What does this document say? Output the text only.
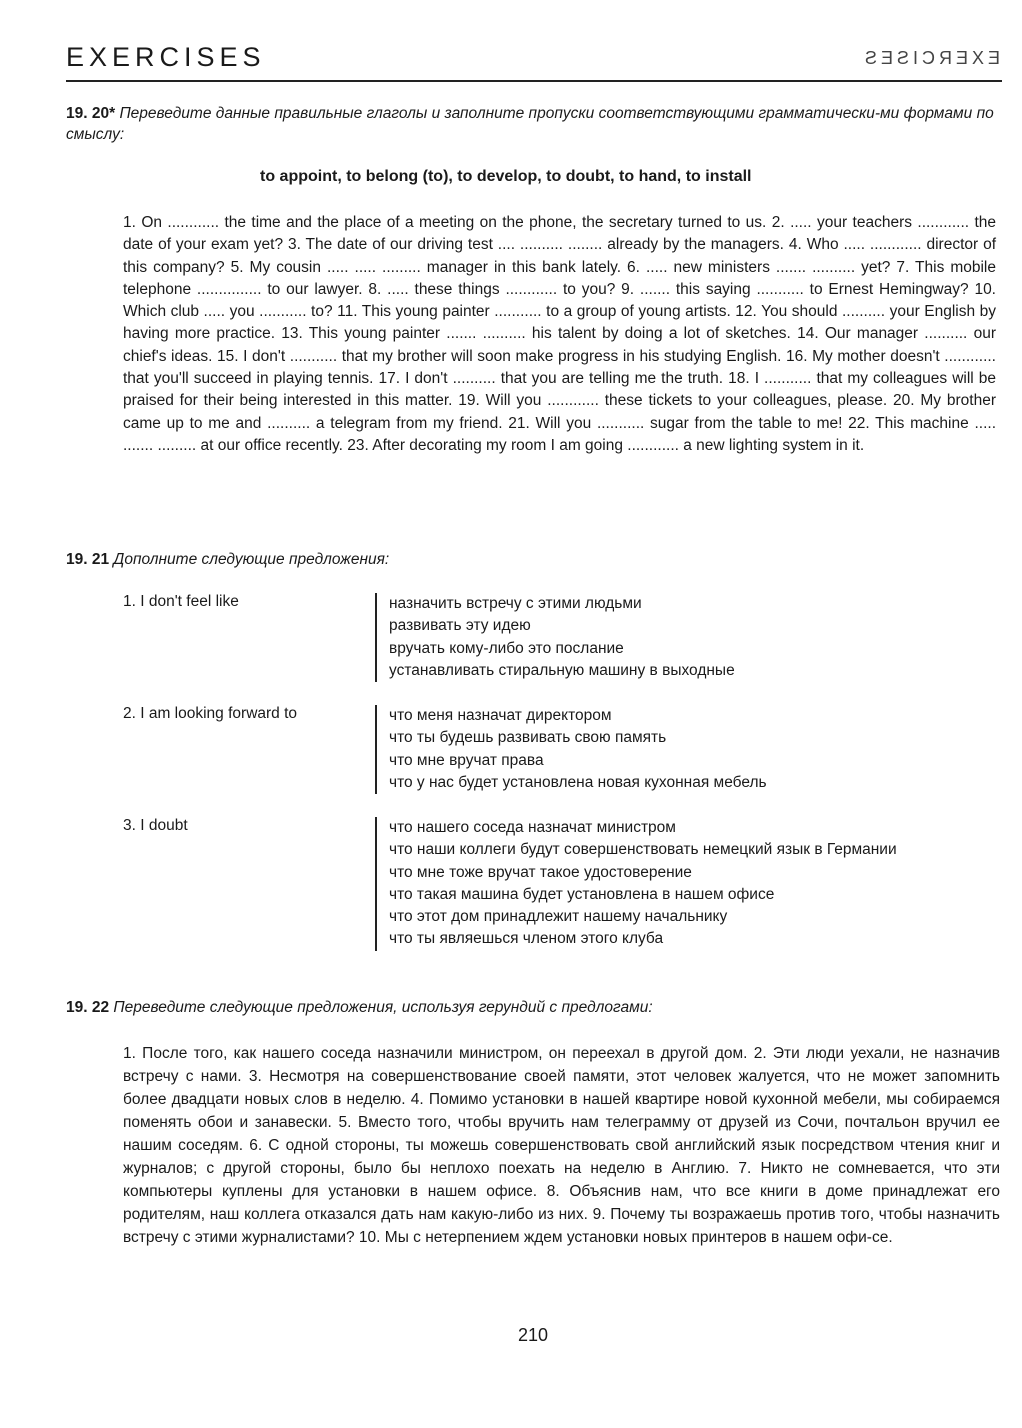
EXERCISES	EXERCISES
19. 20* Переведите данные правильные глаголы и заполните пропуски соответствующими грамматически-ми формами по смыслу:
to appoint, to belong (to), to develop, to doubt, to hand, to install
1. On ............ the time and the place of a meeting on the phone, the secretary turned to us. 2. ..... your teachers ............ the date of your exam yet? 3. The date of our driving test .... .......... ........ already by the managers. 4. Who ..... ............ director of this company? 5. My cousin ..... ..... ......... manager in this bank lately. 6. ..... new ministers ....... .......... yet? 7. This mobile telephone ............... to our lawyer. 8. ..... these things ............ to you? 9. ....... this saying ........... to Ernest Hemingway? 10. Which club ..... you ........... to? 11. This young painter ........... to a group of young artists. 12. You should .......... your English by having more practice. 13. This young painter ....... .......... his talent by doing a lot of sketches. 14. Our manager .......... our chief's ideas. 15. I don't ........... that my brother will soon make progress in his studying English. 16. My mother doesn't ............ that you'll succeed in playing tennis. 17. I don't .......... that you are telling me the truth. 18. I ........... that my colleagues will be praised for their being interested in this matter. 19. Will you ............ these tickets to your colleagues, please. 20. My brother came up to me and .......... a telegram from my friend. 21. Will you ........... sugar from the table to me! 22. This machine ..... ....... ......... at our office recently. 23. After decorating my room I am going ............ a new lighting system in it.
19. 21 Дополните следующие предложения:
1. I don't feel like	назначить встречу с этими людьми
развивать эту идею
вручать кому-либо это послание
устанавливать стиральную машину в выходные
2. I am looking forward to	что меня назначат директором
что ты будешь развивать свою память
что мне вручат права
что у нас будет установлена новая кухонная мебель
3. I doubt	что нашего соседа назначат министром
что наши коллеги будут совершенствовать немецкий язык в Германии
что мне тоже вручат такое удостоверение
что такая машина будет установлена в нашем офисе
что этот дом принадлежит нашему начальнику
что ты являешься членом этого клуба
19. 22 Переведите следующие предложения, используя герундий с предлогами:
1. После того, как нашего соседа назначили министром, он переехал в другой дом. 2. Эти люди уехали, не назначив встречу с нами. 3. Несмотря на совершенствование своей памяти, этот человек жалуется, что не может запомнить более двадцати новых слов в неделю. 4. Помимо установки в нашей квартире новой кухонной мебели, мы собираемся поменять обои и занавески. 5. Вместо того, чтобы вручить нам телеграмму от друзей из Сочи, почтальон вручил ее нашим соседям. 6. С одной стороны, ты можешь совершенствовать свой английский язык посредством чтения книг и журналов; с другой стороны, было бы неплохо поехать на неделю в Англию. 7. Никто не сомневается, что эти компьютеры куплены для установки в нашем офисе. 8. Объяснив нам, что все книги в доме принадлежат его родителям, наш коллега отказался дать нам какую-либо из них. 9. Почему ты возражаешь против того, чтобы назначить встречу с этими журналистами? 10. Мы с нетерпением ждем установки новых принтеров в нашем офи-се.
210
